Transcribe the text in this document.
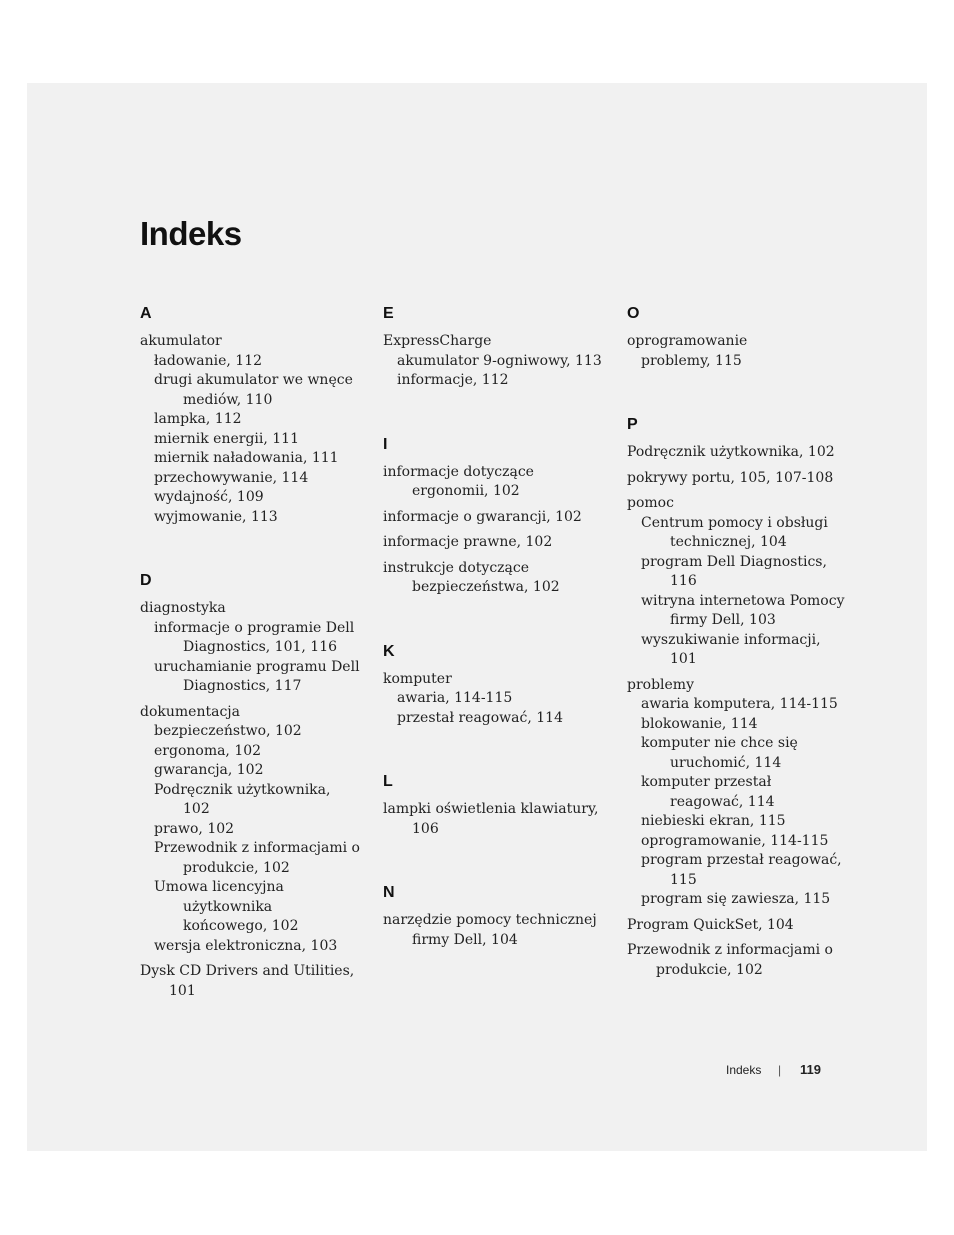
Indeks
A
akumulator
ładowanie, 112
drugi akumulator we wnęce mediów, 110
lampka, 112
miernik energii, 111
miernik naładowania, 111
przechowywanie, 114
wydajność, 109
wyjmowanie, 113
D
diagnostyka
informacje o programie Dell Diagnostics, 101, 116
uruchamianie programu Dell Diagnostics, 117
dokumentacja
bezpieczeństwo, 102
ergonoma, 102
gwarancja, 102
Podręcznik użytkownika, 102
prawo, 102
Przewodnik z informacjami o produkcie, 102
Umowa licencyjna użytkownika końcowego, 102
wersja elektroniczna, 103
Dysk CD Drivers and Utilities, 101
E
ExpressCharge
akumulator 9-ogniwowy, 113
informacje, 112
I
informacje dotyczące ergonomii, 102
informacje o gwarancji, 102
informacje prawne, 102
instrukcje dotyczące bezpieczeństwa, 102
K
komputer
awaria, 114-115
przestał reagować, 114
L
lampki oświetlenia klawiatury, 106
N
narzędzie pomocy technicznej firmy Dell, 104
O
oprogramowanie
problemy, 115
P
Podręcznik użytkownika, 102
pokrywy portu, 105, 107-108
pomoc
Centrum pomocy i obsługi technicznej, 104
program Dell Diagnostics, 116
witryna internetowa Pomocy firmy Dell, 103
wyszukiwanie informacji, 101
problemy
awaria komputera, 114-115
blokowanie, 114
komputer nie chce się uruchomić, 114
komputer przestał reagować, 114
niebieski ekran, 115
oprogramowanie, 114-115
program przestał reagować, 115
program się zawiesza, 115
Program QuickSet, 104
Przewodnik z informacjami o produkcie, 102
Indeks | 119
